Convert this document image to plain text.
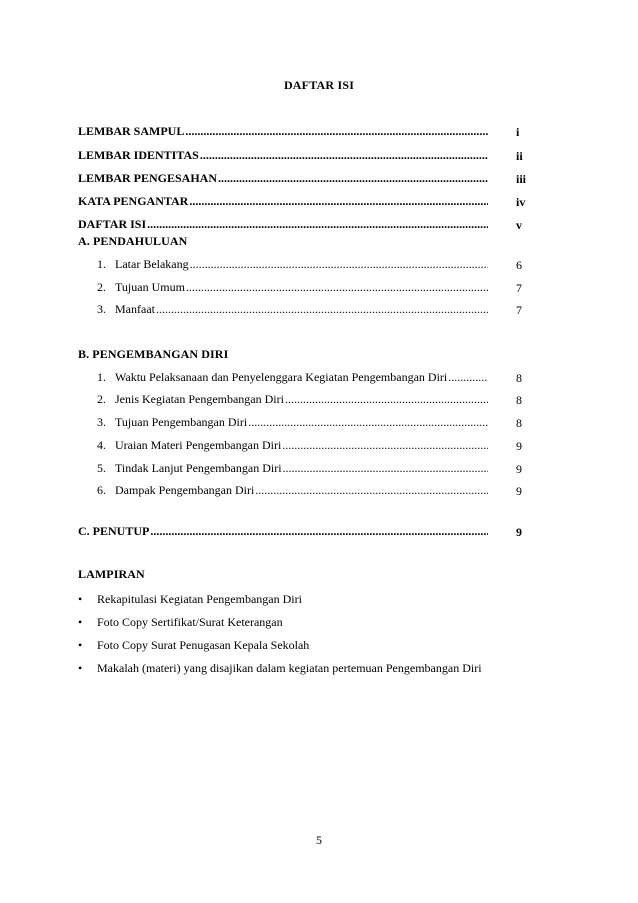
DAFTAR ISI
LEMBAR SAMPUL .....	i
LEMBAR IDENTITAS .....	ii
LEMBAR PENGESAHAN .....	iii
KATA PENGANTAR .....	iv
DAFTAR ISI .....	v
A. PENDAHULUAN
1. Latar Belakang .....	6
2. Tujuan Umum .....	7
3. Manfaat .....	7
B. PENGEMBANGAN DIRI
1. Waktu Pelaksanaan dan Penyelenggara Kegiatan Pengembangan Diri .....	8
2. Jenis Kegiatan Pengembangan Diri .....	8
3. Tujuan Pengembangan Diri .....	8
4. Uraian Materi Pengembangan Diri .....	9
5. Tindak Lanjut Pengembangan Diri .....	9
6. Dampak Pengembangan Diri .....	9
C. PENUTUP .....	9
LAMPIRAN
• Rekapitulasi Kegiatan Pengembangan Diri
• Foto Copy Sertifikat/Surat Keterangan
• Foto Copy Surat Penugasan Kepala Sekolah
• Makalah (materi) yang disajikan dalam kegiatan pertemuan Pengembangan Diri
5
